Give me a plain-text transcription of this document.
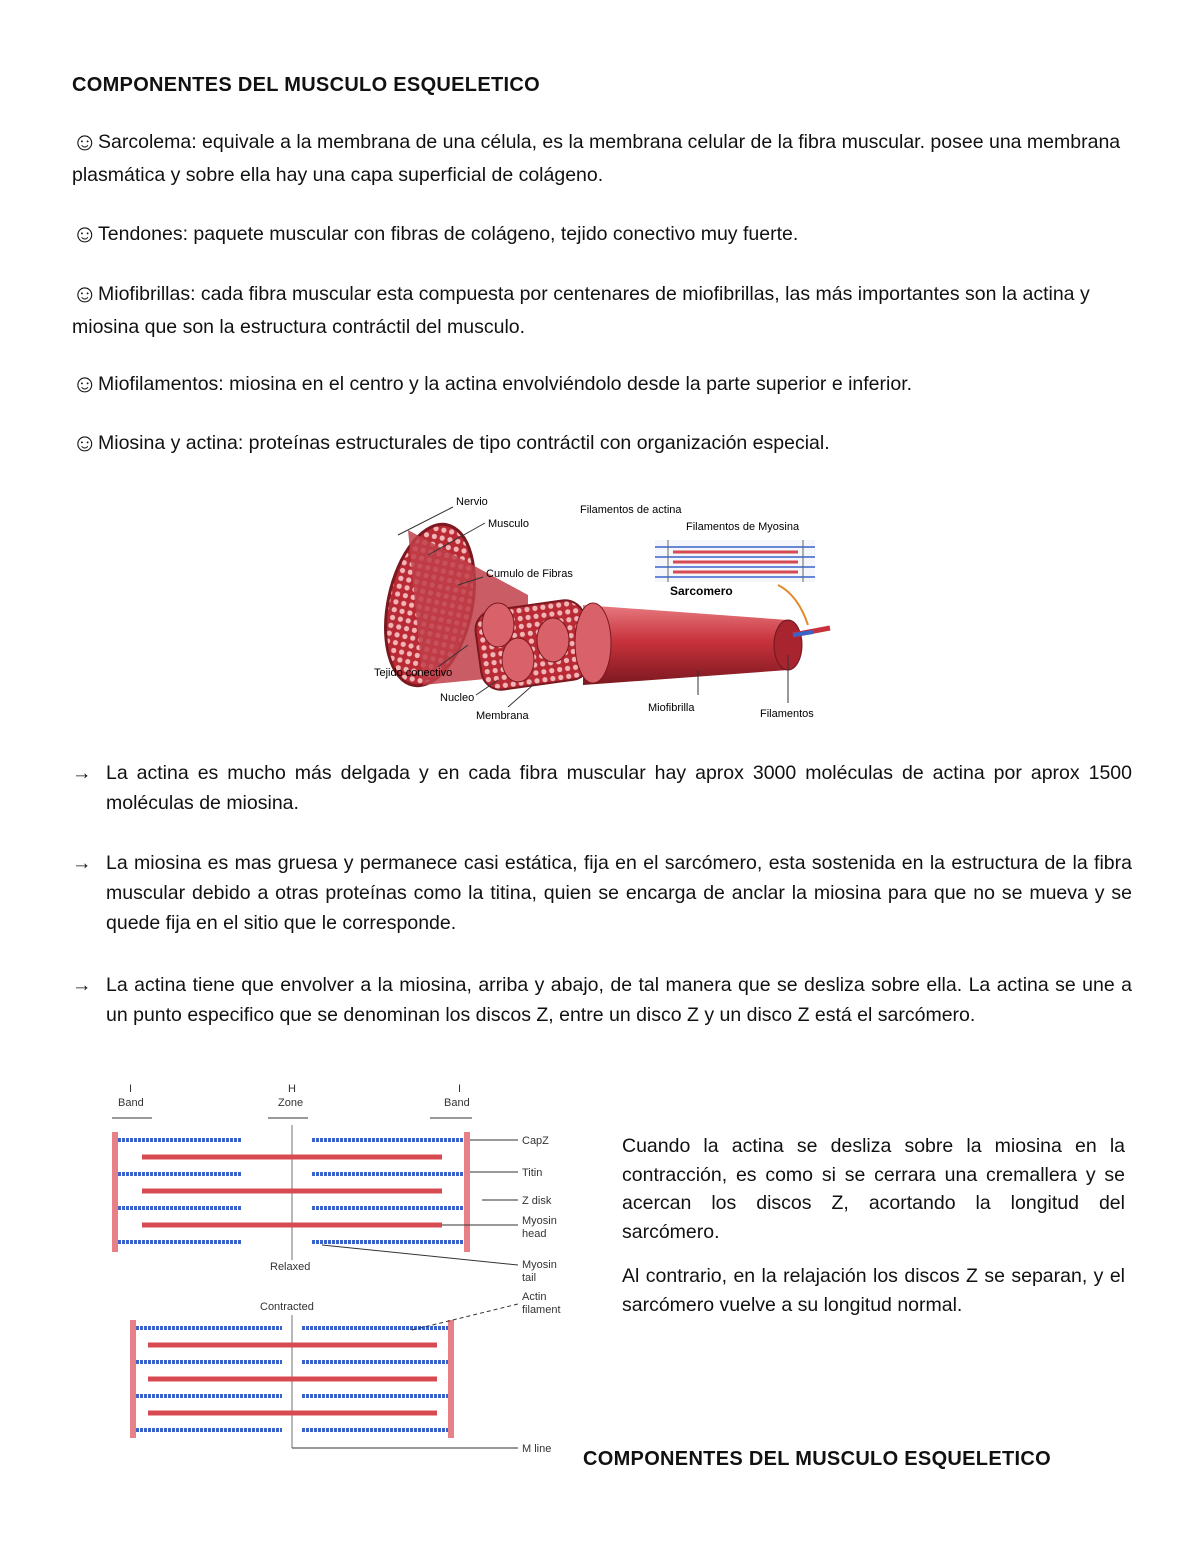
COMPONENTES DEL MUSCULO ESQUELETICO
☺Sarcolema: equivale a la membrana de una célula, es la membrana celular de la fibra muscular. posee una membrana plasmática y sobre ella hay una capa superficial de colágeno.
☺Tendones: paquete muscular con fibras de colágeno, tejido conectivo muy fuerte.
☺Miofibrillas: cada fibra muscular esta compuesta por centenares de miofibrillas, las más importantes son la actina y miosina que son la estructura contráctil del musculo.
☺Miofilamentos: miosina en el centro y la actina envolviéndolo desde la parte superior e inferior.
☺Miosina y actina: proteínas estructurales de tipo contráctil con organización especial.
Nervio
Musculo
Cumulo de Fibras
Tejido conectivo
Nucleo
Membrana
Miofibrilla	Filamentos
Filamentos de actina
Filamentos de Myosina
Sarcomero
→ La actina es mucho más delgada y en cada fibra muscular hay aprox 3000 moléculas de actina por aprox 1500 moléculas de miosina.
→ La miosina es mas gruesa y permanece casi estática, fija en el sarcómero, esta sostenida en la estructura de la fibra muscular debido a otras proteínas como la titina, quien se encarga de anclar la miosina para que no se mueva y se quede fija en el sitio que le corresponde.
→ La actina tiene que envolver a la miosina, arriba y abajo, de tal manera que se desliza sobre ella. La actina se une a un punto especifico que se denominan los discos Z, entre un disco Z y un disco Z está el sarcómero.
I
Band
H
Zone
I
Band
Relaxed
Contracted
CapZ
Titin
Z disk
Myosin
head
Myosin
tail
Actin
filament
M line
Cuando la actina se desliza sobre la miosina en la contracción, es como si se cerrara una cremallera y se acercan los discos Z, acortando la longitud del sarcómero.
Al contrario, en la relajación los discos Z se separan, y el sarcómero vuelve a su longitud normal.
COMPONENTES DEL MUSCULO ESQUELETICO
